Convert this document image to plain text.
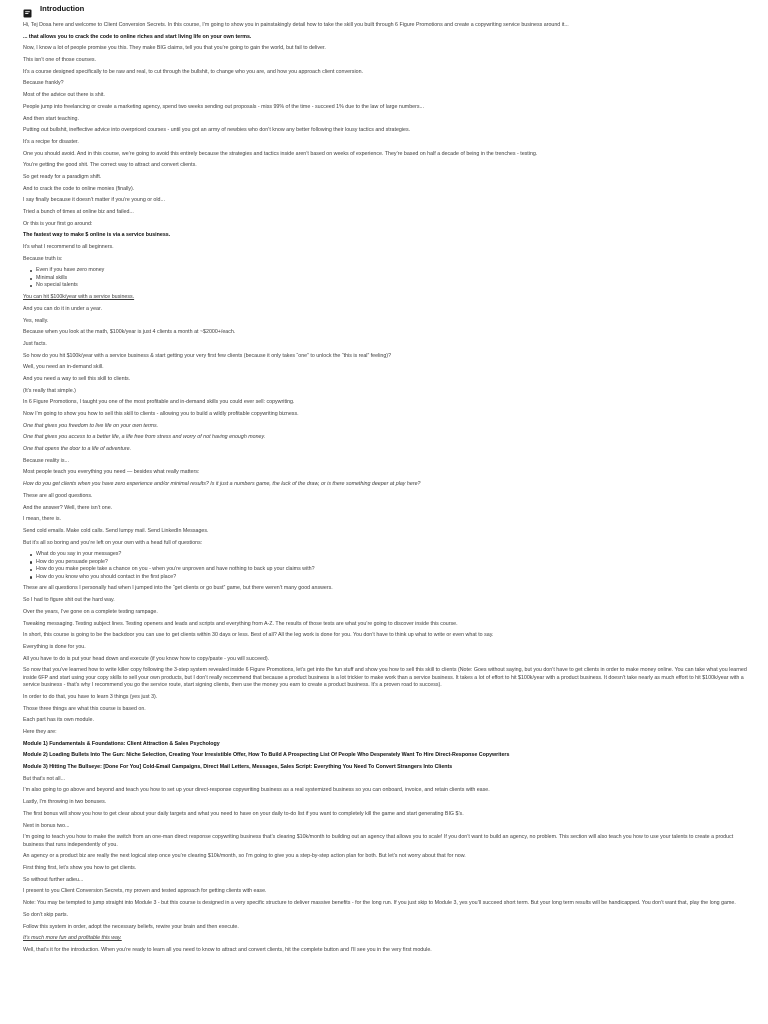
Introduction

Hi, Tej Dosa here and welcome to Client Conversion Secrets. In this course, I’m going to show you in painstakingly detail how to take the skill you built through 6 Figure Promotions and create a copywriting service business around it...

... that allows you to crack the code to online riches and start living life on your own terms.

Now, I know a lot of people promise you this. They make BIG claims, tell you that you’re going to gain the world, but fail to deliver.

This isn’t one of those courses.

It’s a course designed specifically to be raw and real, to cut through the bullshit, to change who you are, and how you approach client conversion.

Because frankly?

Most of the advice out there is shit.

People jump into freelancing or create a marketing agency, spend two weeks sending out proposals - miss 99% of the time - succeed 1% due to the law of large numbers...

And then start teaching.

Putting out bullshit, ineffective advice into overpriced courses - until you got an army of newbies who don’t know any better following their lousy tactics and strategies.

It’s a recipe for disaster.

One you should avoid. And in this course, we’re going to avoid this entirely because the strategies and tactics inside aren’t based on weeks of experience. They’re based on half a decade of being in the trenches - testing.

You’re getting the good shit. The correct way to attract and convert clients.

So get ready for a paradigm shift.

And to crack the code to online monies (finally).

I say finally because it doesn’t matter if you’re young or old...

Tried a bunch of times at online biz and failed...

Or this is your first go around:

The fastest way to make $ online is via a service business.

It’s what I recommend to all beginners.

Because truth is:

Even if you have zero money
Minimal skills
No special talents

You can hit $100k/year with a service business.

And you can do it in under a year.

Yes, really.

Because when you look at the math, $100k/year is just 4 clients a month at ~$2000+/each.

Just facts.

So how do you hit $100k/year with a service business & start getting your very first few clients (because it only takes “one” to unlock the “this is real” feeling)?

Well, you need an in-demand skill.

And you need a way to sell this skill to clients.

(It’s really that simple.)

In 6 Figure Promotions, I taught you one of the most profitable and in-demand skills you could ever sell: copywriting.

Now I’m going to show you how to sell this skill to clients - allowing you to build a wildly profitable copywriting bizness.

One that gives you freedom to live life on your own terms.

One that gives you access to a better life, a life free from stress and worry of not having enough money.

One that opens the door to a life of adventure.

Because reality is...

Most people teach you everything you need — besides what really matters:

How do you get clients when you have zero experience and/or minimal results? Is it just a numbers game, the luck of the draw, or is there something deeper at play here?

These are all good questions.

And the answer? Well, there isn’t one.

I mean, there is.

Send cold emails. Make cold calls. Send lumpy mail. Send LinkedIn Messages.

But it’s all so boring and you’re left on your own with a head full of questions:

What do you say in your messages?
How do you persuade people?
How do you make people take a chance on you - when you’re unproven and have nothing to back up your claims with?
How do you know who you should contact in the first place?

These are all questions I personally had when I jumped into the “get clients or go bust” game, but there weren’t many good answers.

So I had to figure shit out the hard way.

Over the years, I’ve gone on a complete testing rampage.

Tweaking messaging. Testing subject lines. Testing openers and leads and scripts and everything from A-Z. The results of those tests are what you’re going to discover inside this course.

In short, this course is going to be the backdoor you can use to get clients within 30 days or less. Best of all? All the leg work is done for you. You don’t have to think up what to write or even what to say.

Everything is done for you.

All you have to do is put your head down and execute (if you know how to copy/paste - you will succeed).

So now that you’ve learned how to write killer copy following the 3-step system revealed inside 6 Figure Promotions, let’s get into the fun stuff and show you how to sell this skill to clients (Note: Goes without saying, but you don’t have to get clients in order to make money online. You can take what you learned inside 6FP and start using your copy skills to sell your own products, but I don’t really recommend that because a product business is a lot trickier to make work than a service business. It takes a lot of effort to hit $100k/year with a product business. It doesn’t take nearly as much effort to hit $100k/year with a service business - that’s why I recommend you go the service route, start signing clients, then use the money you earn to create a product business. It’s a proven road to success).

In order to do that, you have to learn 3 things (yes just 3).

Those three things are what this course is based on.

Each part has its own module.

Here they are:

Module 1) Fundamentals & Foundations: Client Attraction & Sales Psychology

Module 2) Loading Bullets Into The Gun: Niche Selection, Creating Your Irresistible Offer, How To Build A Prospecting List Of People Who Desperately Want To Hire Direct-Response Copywriters

Module 3) Hitting The Bullseye: [Done For You] Cold-Email Campaigns, Direct Mail Letters, Messages, Sales Script: Everything You Need To Convert Strangers Into Clients

But that’s not all...

I’m also going to go above and beyond and teach you how to set up your direct-response copywriting business as a real systemized business so you can onboard, invoice, and retain clients with ease.

Lastly, I’m throwing in two bonuses.

The first bonus will show you how to get clear about your daily targets and what you need to have on your daily to-do list if you want to completely kill the game and start generating BIG $’s.

Next in bonus two...

I’m going to teach you how to make the switch from an one-man direct response copywriting business that’s clearing $10k/month to building out an agency that allows you to scale! If you don’t want to build an agency, no problem. This section will also teach you how to use your talents to create a product business that runs independently of you.

An agency or a product biz are really the next logical step once you’re clearing $10k/month, so I’m going to give you a step-by-step action plan for both. But let’s not worry about that for now.

First thing first, let’s show you how to get clients.

So without further adieu...

I present to you Client Conversion Secrets, my proven and tested approach for getting clients with ease.

Note: You may be tempted to jump straight into Module 3 - but this course is designed in a very specific structure to deliver massive benefits - for the long run. If you just skip to Module 3, yes you’ll succeed short term. But your long term results will be handicapped. You don’t want that, play the long game.

So don’t skip parts.

Follow this system in order, adopt the necessary beliefs, rewire your brain and then execute.

It’s much more fun and profitable this way.

Well, that’s it for the introduction. When you’re ready to learn all you need to know to attract and convert clients, hit the complete button and I’ll see you in the very first module.
